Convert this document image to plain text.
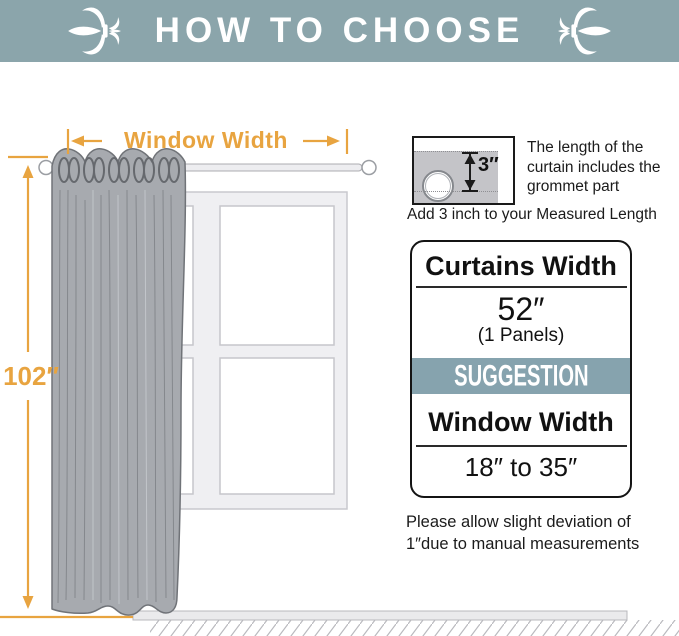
HOW TO CHOOSE
Window Width
102″
3″
The length of the curtain includes the grommet part
Add 3 inch to your Measured Length
Curtains Width
52″
(1 Panels)
SUGGESTION
Window Width
18″ to 35″
Please allow slight deviation of
1″due to manual measurements
